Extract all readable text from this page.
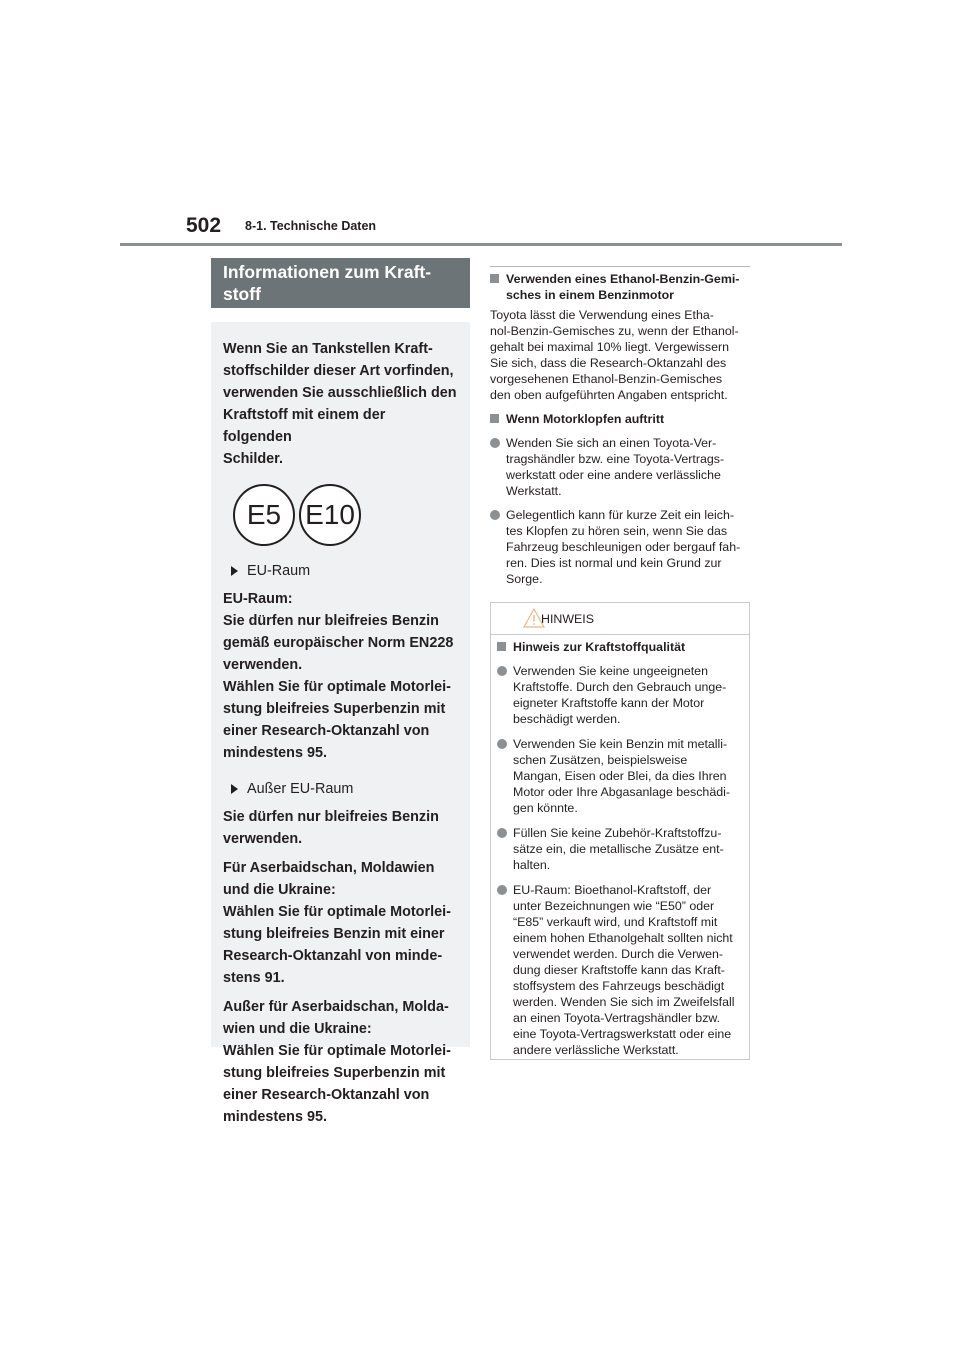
502 8-1. Technische Daten
Informationen zum Kraft-
stoff
Wenn Sie an Tankstellen Kraft-
stoffschilder dieser Art vorfinden,
verwenden Sie ausschließlich den
Kraftstoff mit einem der folgenden
Schilder.
E5 E10
EU-Raum
EU-Raum:
Sie dürfen nur bleifreies Benzin
gemäß europäischer Norm EN228
verwenden.
Wählen Sie für optimale Motorlei-
stung bleifreies Superbenzin mit
einer Research-Oktanzahl von
mindestens 95.
Außer EU-Raum
Sie dürfen nur bleifreies Benzin
verwenden.
Für Aserbaidschan, Moldawien
und die Ukraine:
Wählen Sie für optimale Motorlei-
stung bleifreies Benzin mit einer
Research-Oktanzahl von minde-
stens 91.
Außer für Aserbaidschan, Molda-
wien und die Ukraine:
Wählen Sie für optimale Motorlei-
stung bleifreies Superbenzin mit
einer Research-Oktanzahl von
mindestens 95.
Verwenden eines Ethanol-Benzin-Gemi-
sches in einem Benzinmotor
Toyota lässt die Verwendung eines Etha-
nol-Benzin-Gemisches zu, wenn der Ethanol-
gehalt bei maximal 10% liegt. Vergewissern
Sie sich, dass die Research-Oktanzahl des
vorgesehenen Ethanol-Benzin-Gemisches
den oben aufgeführten Angaben entspricht.
Wenn Motorklopfen auftritt
Wenden Sie sich an einen Toyota-Ver-
tragshändler bzw. eine Toyota-Vertrags-
werkstatt oder eine andere verlässliche
Werkstatt.
Gelegentlich kann für kurze Zeit ein leich-
tes Klopfen zu hören sein, wenn Sie das
Fahrzeug beschleunigen oder bergauf fah-
ren. Dies ist normal und kein Grund zur
Sorge.
HINWEIS
Hinweis zur Kraftstoffqualität
Verwenden Sie keine ungeeigneten
Kraftstoffe. Durch den Gebrauch unge-
eigneter Kraftstoffe kann der Motor
beschädigt werden.
Verwenden Sie kein Benzin mit metalli-
schen Zusätzen, beispielsweise
Mangan, Eisen oder Blei, da dies Ihren
Motor oder Ihre Abgasanlage beschädi-
gen könnte.
Füllen Sie keine Zubehör-Kraftstoffzu-
sätze ein, die metallische Zusätze ent-
halten.
EU-Raum: Bioethanol-Kraftstoff, der
unter Bezeichnungen wie “E50” oder
“E85” verkauft wird, und Kraftstoff mit
einem hohen Ethanolgehalt sollten nicht
verwendet werden. Durch die Verwen-
dung dieser Kraftstoffe kann das Kraft-
stoffsystem des Fahrzeugs beschädigt
werden. Wenden Sie sich im Zweifelsfall
an einen Toyota-Vertragshändler bzw.
eine Toyota-Vertragswerkstatt oder eine
andere verlässliche Werkstatt.
